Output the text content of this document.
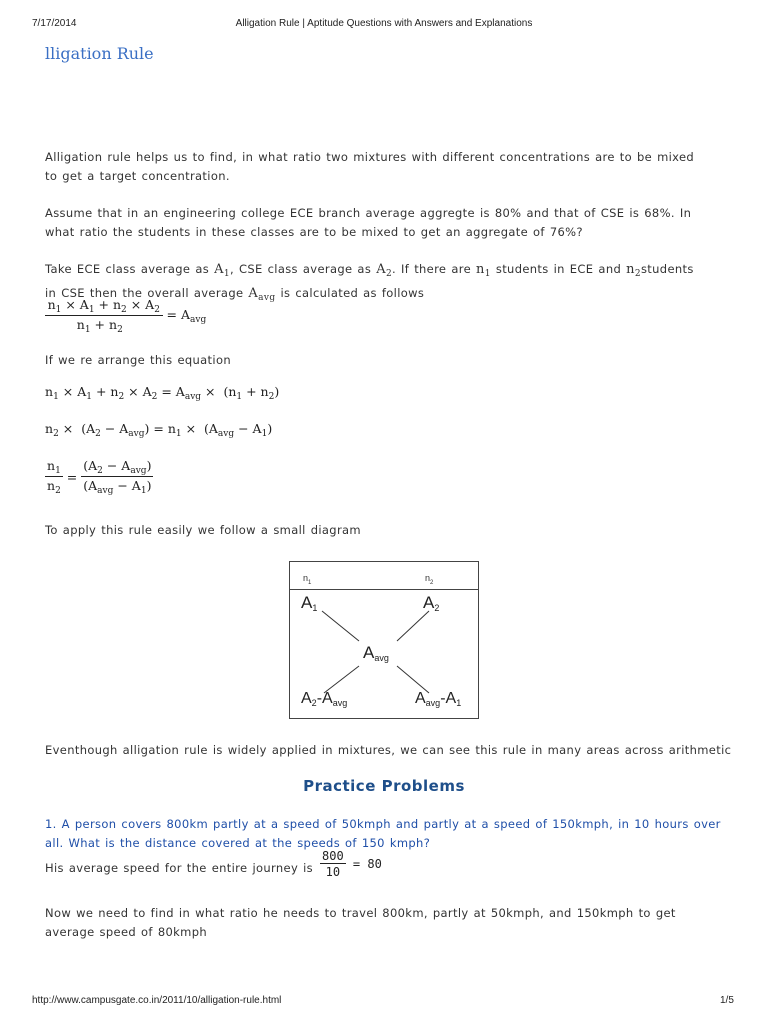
7/17/2014	Alligation Rule | Aptitude Questions with Answers and Explanations
lligation Rule
Alligation rule helps us to find, in what ratio two mixtures with different concentrations are to be mixed to get a target concentration.
Assume that in an engineering college ECE branch average aggregte is 80% and that of CSE is 68%. In what ratio the students in these classes are to be mixed to get an aggregate of 76%?
Take ECE class average as $A_1$, CSE class average as $A_2$. If there are $n_1$ students in ECE and $n_2students$
in CSE then the overall average $A_{avg}$ is calculated as follows
$\frac{n_1 \times A_1 + n_2 \times A_2}{n_1 + n_2} = A_{avg}$
If we re arrange this equation
$n_1 \times A_1 + n_2 \times A_2 = A_{avg} \times (n_1 + n_2)$
$n_2 \times (A_2 - A_{avg}) = n_1 \times (A_{avg} - A_1)$
$\frac{n_1}{n_2} = \frac{(A_2 - A_{avg})}{(A_{avg} - A_1)}$
To apply this rule easily we follow a small diagram
$n_1$	$n_2$
$A_1$	$A_2$
$A_{avg}$
$A_2-A_{avg}$	$A_{avg}-A_1$
Eventhough alligation rule is widely applied in mixtures, we can see this rule in many areas across arithmetic
Practice Problems
1. A person covers 800km partly at a speed of 50kmph and partly at a speed of 150kmph, in 10 hours over all. What is the distance covered at the speeds of 150 kmph?
His average speed for the entire journey is $\frac{800}{10} = 80$
Now we need to find in what ratio he needs to travel 800km, partly at 50kmph, and 150kmph to get average speed of 80kmph
http://www.campusgate.co.in/2011/10/alligation-rule.html	1/5
